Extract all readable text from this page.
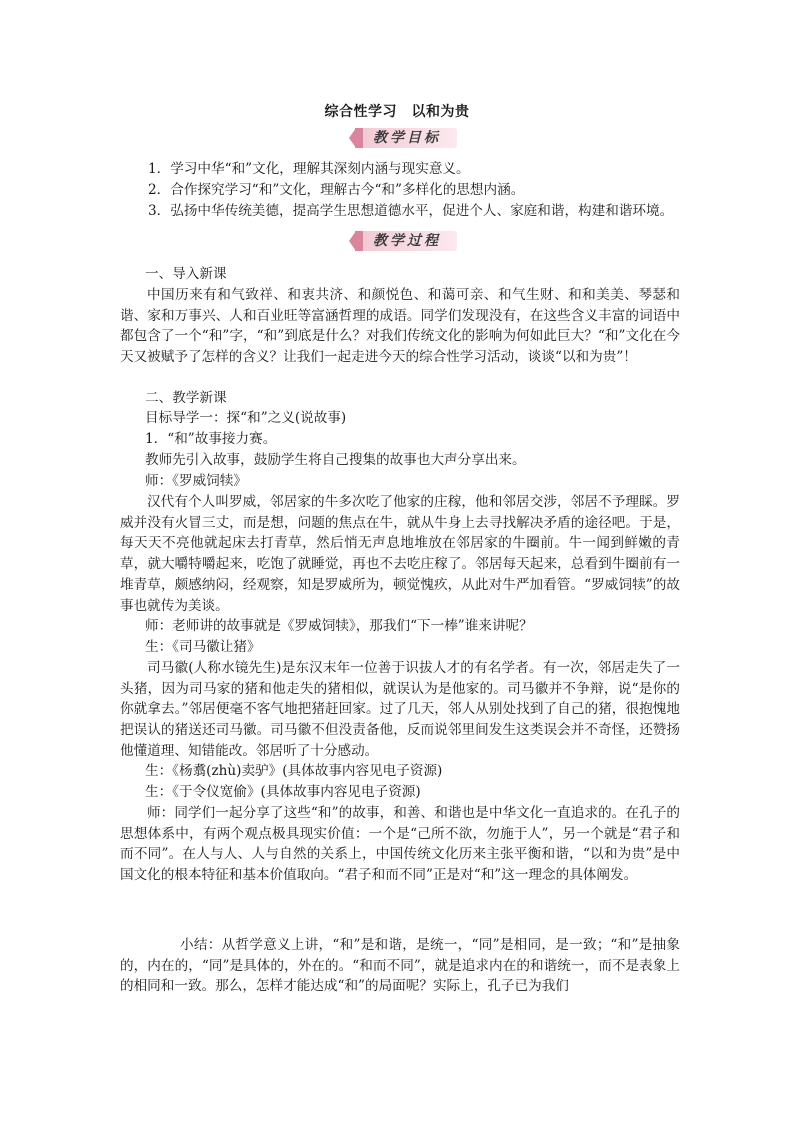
综合性学习　以和为贵
教学目标
1．学习中华“和”文化，理解其深刻内涵与现实意义。
2．合作探究学习“和”文化，理解古今“和”多样化的思想内涵。
3．弘扬中华传统美德，提高学生思想道德水平，促进个人、家庭和谐，构建和谐环境。
教学过程
一、导入新课
中国历来有和气致祥、和衷共济、和颜悦色、和蔼可亲、和气生财、和和美美、琴瑟和谐、家和万事兴、人和百业旺等富涵哲理的成语。同学们发现没有，在这些含义丰富的词语中都包含了一个“和”字，“和”到底是什么？对我们传统文化的影响为何如此巨大？“和”文化在今天又被赋予了怎样的含义？让我们一起走进今天的综合性学习活动，谈谈“以和为贵”！
二、教学新课
目标导学一：探“和”之义(说故事)
1．“和”故事接力赛。
教师先引入故事，鼓励学生将自己搜集的故事也大声分享出来。
师：《罗威饲犊》
汉代有个人叫罗威，邻居家的牛多次吃了他家的庄稼，他和邻居交涉，邻居不予理睬。罗威并没有火冒三丈，而是想，问题的焦点在牛，就从牛身上去寻找解决矛盾的途径吧。于是，每天天不亮他就起床去打青草，然后悄无声息地堆放在邻居家的牛圈前。牛一闻到鲜嫩的青草，就大嚼特嚼起来，吃饱了就睡觉，再也不去吃庄稼了。邻居每天起来，总看到牛圈前有一堆青草，颇感纳闷，经观察，知是罗威所为，顿觉愧疚，从此对牛严加看管。“罗威饲犊”的故事也就传为美谈。
师：老师讲的故事就是《罗威饲犊》，那我们“下一棒”谁来讲呢？
生：《司马徽让猪》
司马徽(人称水镜先生)是东汉末年一位善于识拔人才的有名学者。有一次，邻居走失了一头猪，因为司马家的猪和他走失的猪相似，就误认为是他家的。司马徽并不争辩，说“是你的你就拿去。”邻居便毫不客气地把猪赶回家。过了几天，邻人从别处找到了自己的猪，很抱愧地把误认的猪送还司马徽。司马徽不但没责备他，反而说邻里间发生这类误会并不奇怪，还赞扬他懂道理、知错能改。邻居听了十分感动。
生：《杨翥(zhù)卖驴》(具体故事内容见电子资源)
生：《于令仪宽偷》(具体故事内容见电子资源)
师：同学们一起分享了这些“和”的故事，和善、和谐也是中华文化一直追求的。在孔子的思想体系中，有两个观点极具现实价值：一个是“己所不欲，勿施于人”，另一个就是“君子和而不同”。在人与人、人与自然的关系上，中国传统文化历来主张平衡和谐，“以和为贵”是中国文化的根本特征和基本价值取向。“君子和而不同”正是对“和”这一理念的具体阐发。
小结：从哲学意义上讲，“和”是和谐，是统一，“同”是相同，是一致；“和”是抽象的，内在的，“同”是具体的，外在的。“和而不同”，就是追求内在的和谐统一，而不是表象上的相同和一致。那么，怎样才能达成“和”的局面呢？实际上，孔子已为我们
